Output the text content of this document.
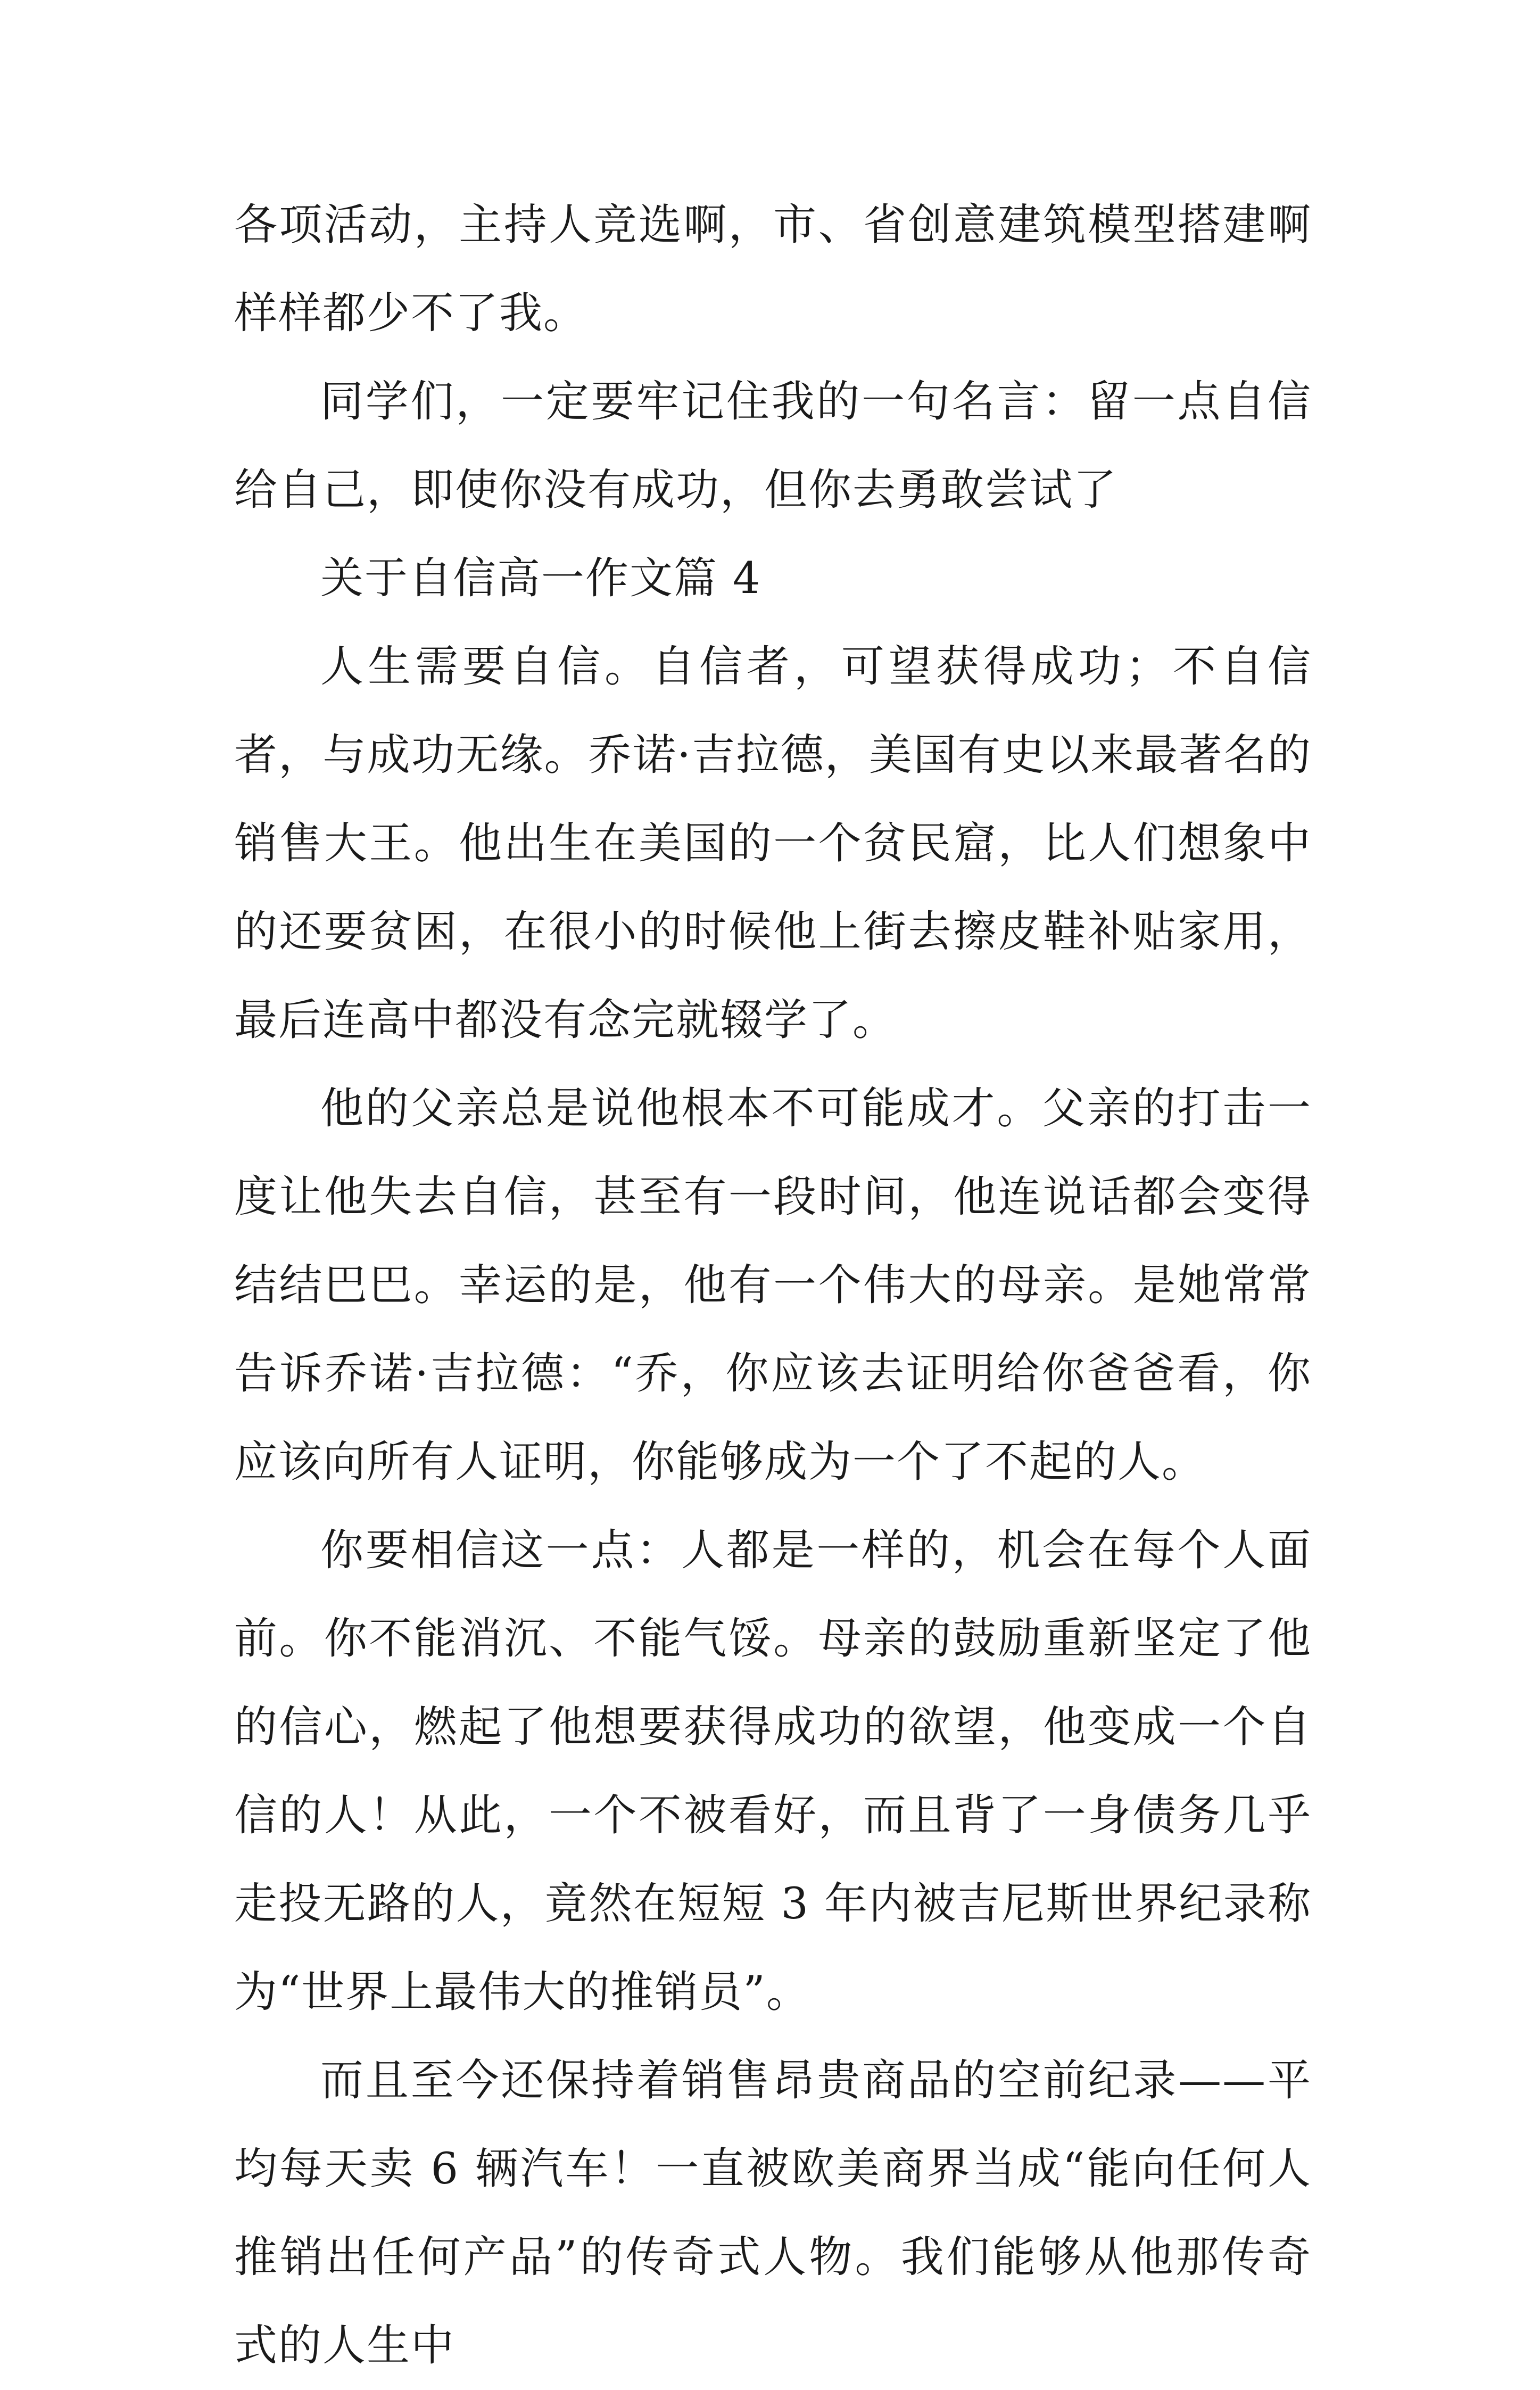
各项活动，主持人竞选啊，市、省创意建筑模型搭建啊样样都少不了我。

同学们，一定要牢记住我的一句名言：留一点自信给自己，即使你没有成功，但你去勇敢尝试了

关于自信高一作文篇 4

人生需要自信。自信者，可望获得成功；不自信者，与成功无缘。乔诺·吉拉德，美国有史以来最著名的销售大王。他出生在美国的一个贫民窟，比人们想象中的还要贫困，在很小的时候他上街去擦皮鞋补贴家用，最后连高中都没有念完就辍学了。

他的父亲总是说他根本不可能成才。父亲的打击一度让他失去自信，甚至有一段时间，他连说话都会变得结结巴巴。幸运的是，他有一个伟大的母亲。是她常常告诉乔诺·吉拉德：“乔，你应该去证明给你爸爸看，你应该向所有人证明，你能够成为一个了不起的人。

你要相信这一点：人都是一样的，机会在每个人面前。你不能消沉、不能气馁。母亲的鼓励重新坚定了他的信心，燃起了他想要获得成功的欲望，他变成一个自信的人！从此，一个不被看好，而且背了一身债务几乎走投无路的人，竟然在短短 3 年内被吉尼斯世界纪录称为“世界上最伟大的推销员”。

而且至今还保持着销售昂贵商品的空前纪录——平均每天卖 6 辆汽车！一直被欧美商界当成“能向任何人推销出任何产品”的传奇式人物。我们能够从他那传奇式的人生中
